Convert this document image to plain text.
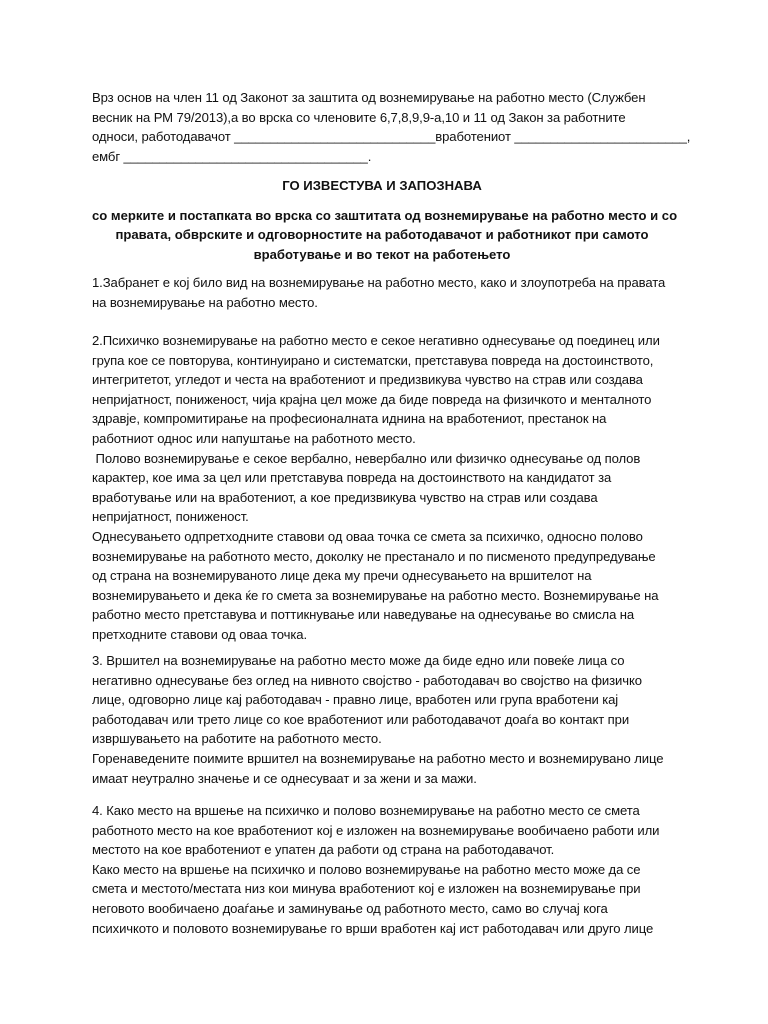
Врз основ на член 11 од Законот за заштита од вознемирување на работно место (Службен
весник на РМ 79/2013),а во врска со членовите 6,7,8,9,9-а,10 и 11 од Закон за работните
односи, работодавачот ____________________________вработениот ________________________,
ембг __________________________________.
ГО ИЗВЕСТУВА И ЗАПОЗНАВА
со мерките и постапката во врска со заштитата од вознемирување на работно место и со
правата, обврските и одговорностите на работодавачот и работникот при самото
вработување и во текот на работењето
1.Забранет е кој било вид на вознемирување на работно место, како и злоупотреба на правата
на вознемирување на работно место.
2.Психичко вознемирување на работно место е секое негативно однесување од поединец или
група кое се повторува, континуирано и систематски, претставува повреда на достоинството,
интегритетот, угледот и честа на вработениот и предизвикува чувство на страв или создава
непријатност, понижeност, чија крајна цел може да биде повреда на физичкото и менталното
здравје, компромитирање на професионалната иднина на вработениот, престанок на
работниот однос или напуштање на работното место.
Полово вознемирување е секое вербално, невербално или физичко однесување од полов
карактер, кое има за цел или претставува повреда на достоинството на кандидатот за
вработување или на вработениот, а кое предизвикува чувство на страв или создава
непријатност, понижeност.
Однесувањето одпретходните ставови од оваа точка се смета за психичко, односно полово
вознемирување на работното место, доколку не престанало и по писменото предупредување
од страна на вознемируваното лице дека му пречи однесувањето на вршителот на
вознемирувањето и дека ќе го смета за вознемирување на работно место. Вознемирување на
работно место претставува и поттикнување или наведување на однесување во смисла на
претходните ставови од оваа точка.
3. Вршител на вознемирување на работно место може да биде едно или повеќе лица со
негативно однесување без оглед на нивното својство - работодавач во својство на физичко
лице, одговорно лице кај работодавач - правно лице, вработен или група вработени кај
работодавач или трето лице со кое вработениот или работодавачот доаѓа во контакт при
извршувањето на работите на работното место.
Горенаведените поимите вршител на вознемирување на работно место и вознемирувано лице
имаат неутрално значење и се однесуваат и за жени и за мажи.
4. Како место на вршење на психичко и полово вознемирување на работно место се смета
работното место на кое вработениот кој е изложен на вознемирување вообичаено работи или
местото на кое вработениот е упатен да работи од страна на работодавачот.
Како место на вршење на психичко и полово вознемирување на работно место може да се
смета и местото/местата низ кои минува вработениот кој е изложен на вознемирување при
неговото вообичаено доаѓање и заминување од работното место, само во случај кога
психичкото и половото вознемирување го врши вработен кај ист работодавач или друго лице
